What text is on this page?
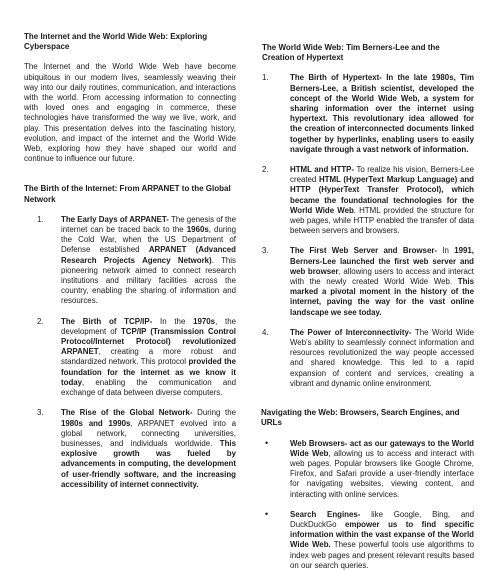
The Internet and the World Wide Web: Exploring Cyberspace

The Internet and the World Wide Web have become ubiquitous in our modern lives, seamlessly weaving their way into our daily routines, communication, and interactions with the world. From accessing information to connecting with loved ones and engaging in commerce, these technologies have transformed the way we live, work, and play. This presentation delves into the fascinating history, evolution, and impact of the internet and the World Wide Web, exploring how they have shaped our world and continue to influence our future.

The Birth of the Internet: From ARPANET to the Global Network
1. The Early Days of ARPANET- The genesis of the internet can be traced back to the 1960s, during the Cold War, when the US Department of Defense established ARPANET (Advanced Research Projects Agency Network). This pioneering network aimed to connect research institutions and military facilities across the country, enabling the sharing of information and resources.
2. The Birth of TCP/IP- In the 1970s, the development of TCP/IP (Transmission Control Protocol/Internet Protocol) revolutionized ARPANET, creating a more robust and standardized network. This protocol provided the foundation for the internet as we know it today, enabling the communication and exchange of data between diverse computers.
3. The Rise of the Global Network- During the 1980s and 1990s, ARPANET evolved into a global network, connecting universities, businesses, and individuals worldwide. This explosive growth was fueled by advancements in computing, the development of user-friendly software, and the increasing accessibility of internet connectivity.
The World Wide Web: Tim Berners-Lee and the Creation of Hypertext
1.	The Birth of Hypertext- In the late 1980s, Tim Berners-Lee, a British scientist, developed the concept of the World Wide Web, a system for sharing information over the internet using hypertext. This revolutionary idea allowed for the creation of interconnected documents linked together by hyperlinks, enabling users to easily navigate through a vast network of information.
2.	HTML and HTTP- To realize his vision, Berners-Lee created HTML (HyperText Markup Language) and HTTP (HyperText Transfer Protocol), which became the foundational technologies for the World Wide Web. HTML provided the structure for web pages, while HTTP enabled the transfer of data between servers and browsers.
3.	The First Web Server and Browser- In 1991, Berners-Lee launched the first web server and web browser, allowing users to access and interact with the newly created World Wide Web. This marked a pivotal moment in the history of the internet, paving the way for the vast online landscape we see today.
4.	The Power of Interconnectivity- The World Wide Web's ability to seamlessly connect information and resources revolutionized the way people accessed and shared knowledge. This led to a rapid expansion of content and services, creating a vibrant and dynamic online environment.
Navigating the Web: Browsers, Search Engines, and URLs
•	Web Browsers- act as our gateways to the World Wide Web, allowing us to access and interact with web pages. Popular browsers like Google Chrome, Firefox, and Safari provide a user-friendly interface for navigating websites, viewing content, and interacting with online services.
•	Search Engines- like Google, Bing, and DuckDuckGo empower us to find specific information within the vast expanse of the World Wide Web. These powerful tools use algorithms to index web pages and present relevant results based on our search queries.
